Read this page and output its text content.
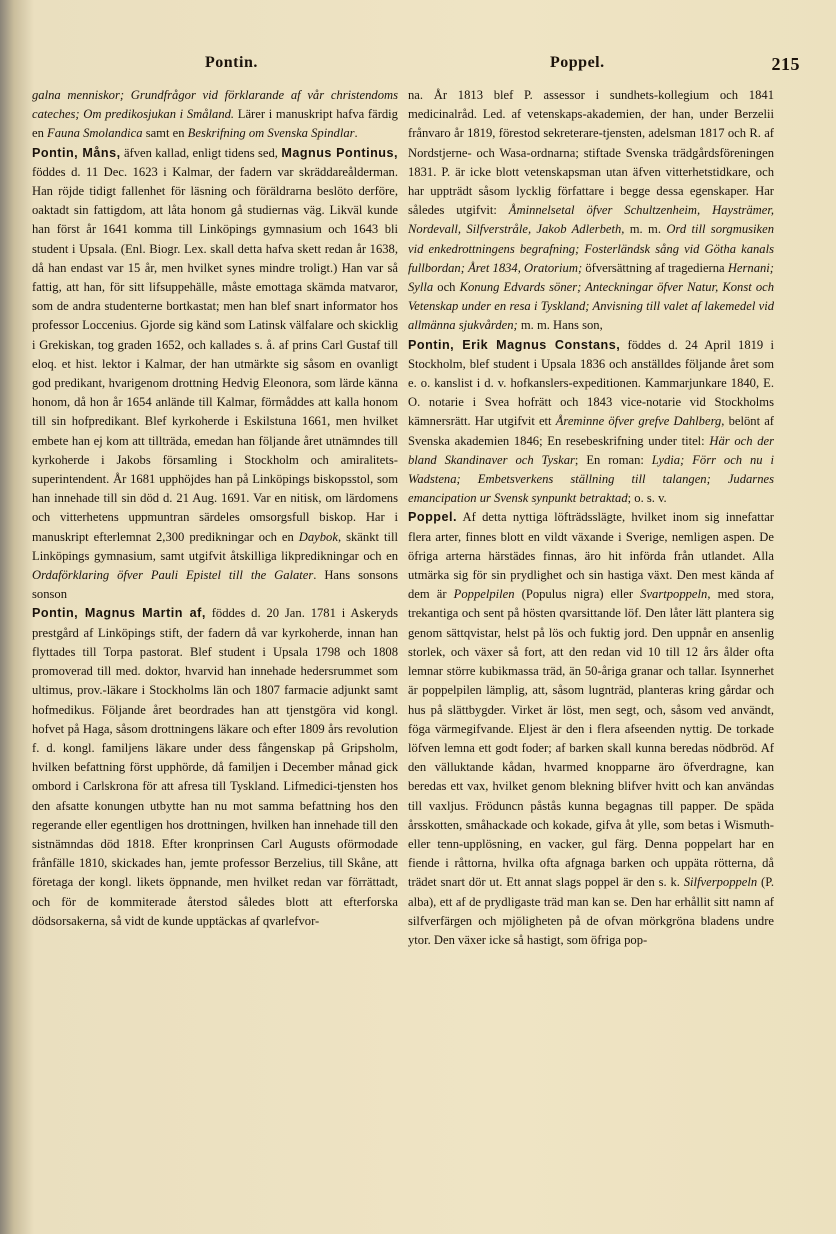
Pontin.	Poppel.	215

galna menniskor; Grundfrågor vid förklarande af vår christendoms cateches; Om predikosjukan i Småland. Lärer i manuskript hafva färdig en Fauna Smolandica samt en Beskrifning om Svenska Spindlar.

Pontin, Måns, äfven kallad, enligt tidens sed, Magnus Pontinus, föddes d. 11 Dec. 1623 i Kalmar, der fadern var skräddareålderman. Han röjde tidigt fallenhet för läsning och föräldrarna beslöto derföre, oaktadt sin fattigdom, att låta honom gå studiernas väg. Likväl kunde han först år 1641 komma till Linköpings gymnasium och 1643 bli student i Upsala. (Enl. Biogr. Lex. skall detta hafva skett redan år 1638, då han endast var 15 år, men hvilket synes mindre troligt.) Han var så fattig, att han, för sitt lifsuppehälle, måste emottaga skämda matvaror, som de andra studenterne bortkastat; men han blef snart informator hos professor Loccenius. Gjorde sig känd som Latinsk välfalare och skicklig i Grekiskan, tog graden 1652, och kallades s. å. af prins Carl Gustaf till eloq. et hist. lektor i Kalmar, der han utmärkte sig såsom en ovanligt god predikant, hvarigenom drottning Hedvig Eleonora, som lärde känna honom, då hon år 1654 anlände till Kalmar, förmåddes att kalla honom till sin hofpredikant. Blef kyrkoherde i Eskilstuna 1661, men hvilket embete han ej kom att tillträda, emedan han följande året utnämndes till kyrkoherde i Jakobs församling i Stockholm och amiralitets-superintendent. År 1681 upphöjdes han på Linköpings biskopsstol, som han innehade till sin död d. 21 Aug. 1691. Var en nitisk, om lärdomens och vitterhetens uppmuntran särdeles omsorgsfull biskop. Har i manuskript efterlemnat 2,300 predikningar och en Daybok, skänkt till Linköpings gymnasium, samt utgifvit åtskilliga likpredikningar och en Ordaförklaring öfver Pauli Epistel till the Galater. Hans sonsons sonson

Pontin, Magnus Martin af, föddes d. 20 Jan. 1781 i Askeryds prestgård af Linköpings stift, der fadern då var kyrkoherde, innan han flyttades till Torpa pastorat. Blef student i Upsala 1798 och 1808 promoverad till med. doktor, hvarvid han innehade hedersrummet som ultimus, prov.-läkare i Stockholms län och 1807 farmacie adjunkt samt hofmedikus. Följande året beordrades han att tjenstgöra vid kongl. hofvet på Haga, såsom drottningens läkare och efter 1809 års revolution f. d. kongl. familjens läkare under dess fångenskap på Gripsholm, hvilken befattning först upphörde, då familjen i December månad gick ombord i Carlskrona för att afresa till Tyskland. Lifmedici-tjensten hos den afsatte konungen utbytte han nu mot samma befattning hos den regerande eller egentligen hos drottningen, hvilken han innehade till den sistnämndas död 1818. Efter kronprinsen Carl Augusts oförmodade frånfälle 1810, skickades han, jemte professor Berzelius, till Skåne, att företaga der kongl. likets öppnande, men hvilket redan var förrättadt, och för de kommiterade återstod således blott att efterforska dödsorsakerna, så vidt de kunde upptäckas af qvarlefvor-

na. År 1813 blef P. assessor i sundhets-kollegium och 1841 medicinalråd. Led. af vetenskaps-akademien, der han, under Berzelii frånvaro år 1819, förestod sekreterare-tjensten, adelsman 1817 och R. af Nordstjerne- och Wasa-ordnarna; stiftade Svenska trädgårdsföreningen 1831. P. är icke blott vetenskapsman utan äfven vitterhetstidkare, och har uppträdt såsom lycklig författare i begge dessa egenskaper. Har således utgifvit: Åminnelsetal öfver Schultzenheim, Haysträmer, Nordevall, Silfverstråle, Jakob Adlerbeth, m. m. Ord till sorgmusiken vid enkedrottningens begrafning; Fosterländsk sång vid Götha kanals fullbordan; Året 1834, Oratorium; öfversättning af tragedierna Hernani; Sylla och Konung Edvards söner; Anteckningar öfver Natur, Konst och Vetenskap under en resa i Tyskland; Anvisning till valet af lakemedel vid allmänna sjukvården; m. m. Hans son,

Pontin, Erik Magnus Constans, föddes d. 24 April 1819 i Stockholm, blef student i Upsala 1836 och anställdes följande året som e. o. kanslist i d. v. hofkanslers-expeditionen. Kammarjunkare 1840, E. O. notarie i Svea hofrätt och 1843 vice-notarie vid Stockholms kämnersrätt. Har utgifvit ett Åreminne öfver grefve Dahlberg, belönt af Svenska akademien 1846; En resebeskrifning under titel: Här och der bland Skandinaver och Tyskar; En roman: Lydia; Förr och nu i Wadstena; Embetsverkens ställning till talangen; Judarnes emancipation ur Svensk synpunkt betraktad; o. s. v.

Poppel. Af detta nyttiga löfträdsslägte, hvilket inom sig innefattar flera arter, finnes blott en vildt växande i Sverige, nemligen aspen. De öfriga arterna härstädes finnas, äro hit införda från utlandet. Alla utmärka sig för sin prydlighet och sin hastiga växt. Den mest kända af dem är Poppelpilen (Populus nigra) eller Svartpoppeln, med stora, trekantiga och sent på hösten qvarsittande löf. Den låter lätt plantera sig genom sättqvistar, helst på lös och fuktig jord. Den uppnår en ansenlig storlek, och växer så fort, att den redan vid 10 till 12 års ålder ofta lemnar större kubikmassa träd, än 50-åriga granar och tallar. Isynnerhet är poppelpilen lämplig, att, såsom lugnträd, planteras kring gårdar och hus på slättbygder. Virket är löst, men segt, och, såsom ved användt, föga värmegifvande. Eljest är den i flera afseenden nyttig. De torkade löfven lemna ett godt foder; af barken skall kunna beredas nödbröd. Af den välluktande kådan, hvarmed knopparne äro öfverdragne, kan beredas ett vax, hvilket genom blekning blifver hvitt och kan användas till vaxljus. Fröduncn påstås kunna begagnas till papper. De späda årsskotten, småhackade och kokade, gifva åt ylle, som betas i Wismuth- eller tenn-upplösning, en vacker, gul färg. Denna poppelart har en fiende i råttorna, hvilka ofta afgnaga barken och uppäta rötterna, då trädet snart dör ut. Ett annat slags poppel är den s. k. Silfverpoppeln (P. alba), ett af de prydligaste träd man kan se. Den har erhållit sitt namn af silfverfärgen och mjöligheten på de ofvan mörkgröna bladens undre ytor. Den växer icke så hastigt, som öfriga pop-
